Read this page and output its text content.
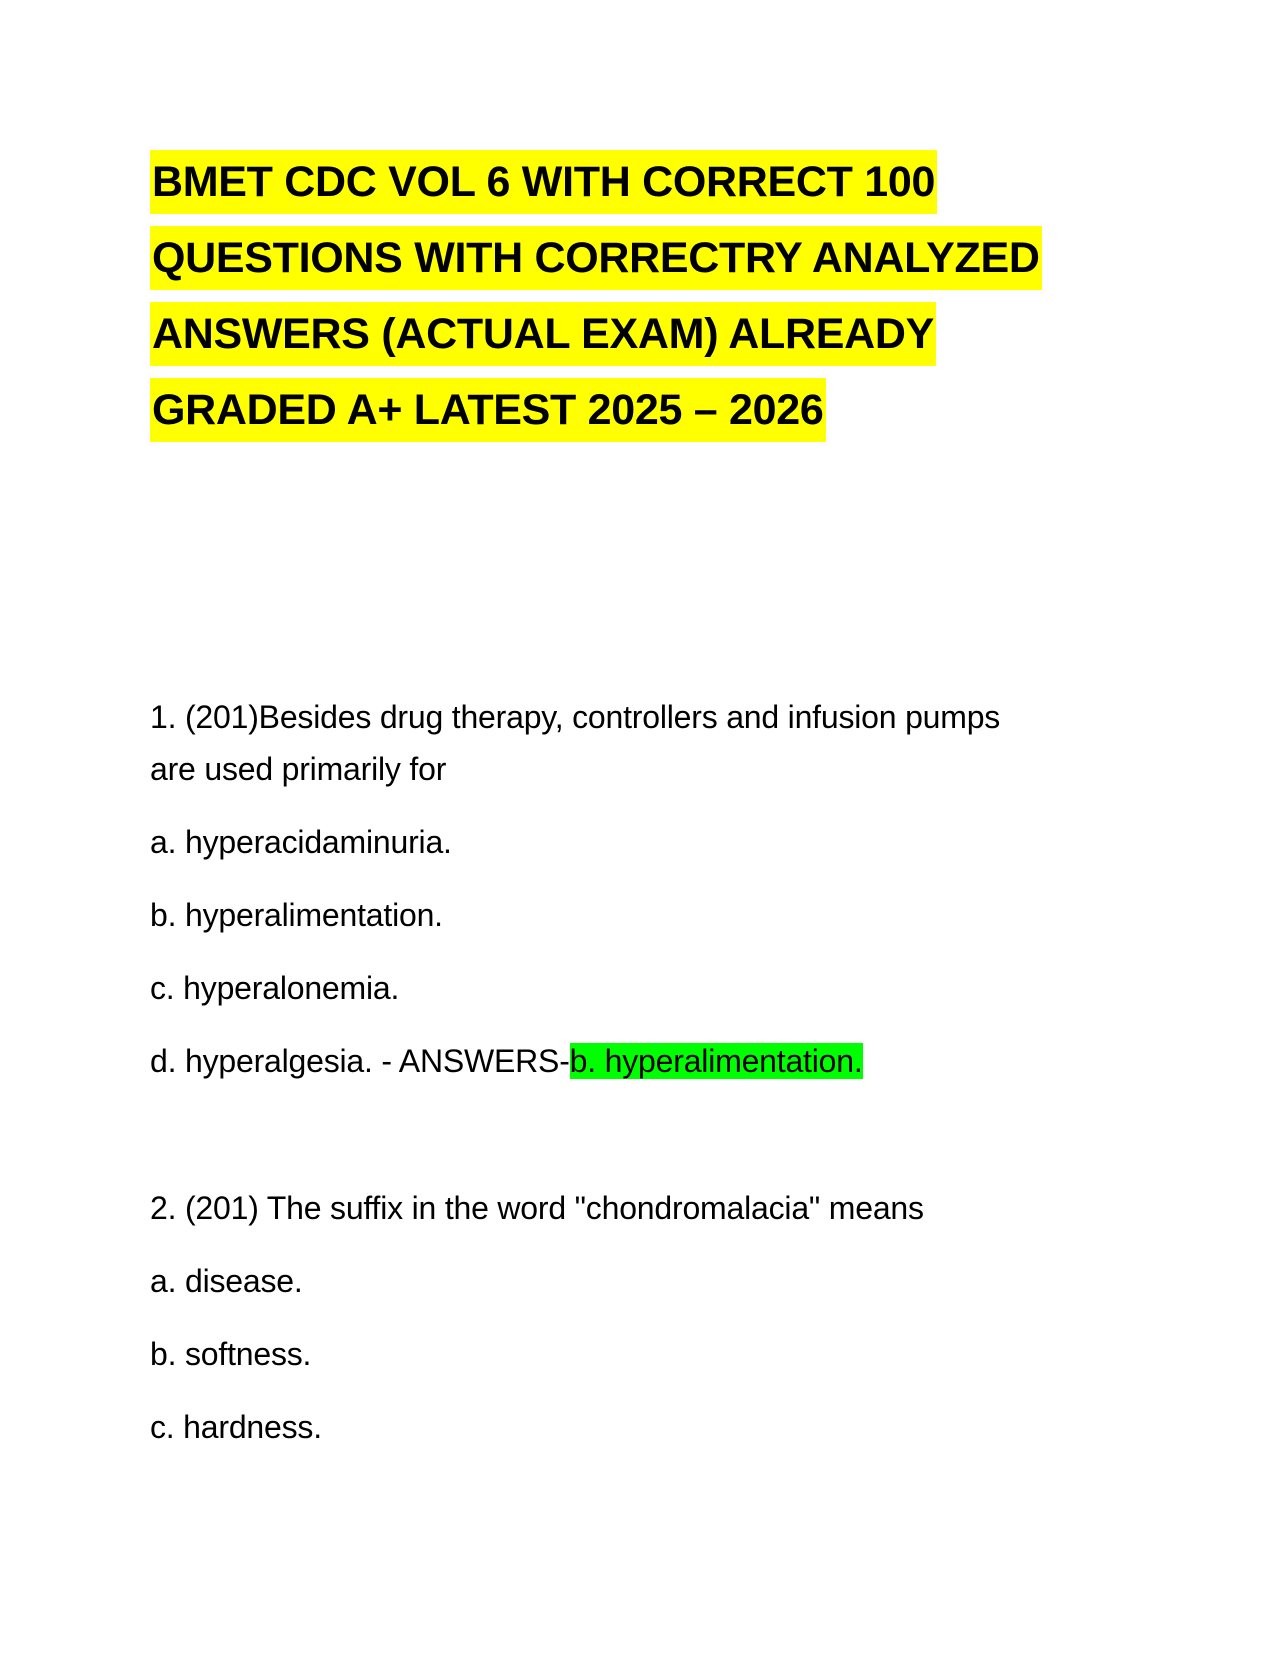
BMET CDC VOL 6 WITH CORRECT 100
QUESTIONS WITH CORRECTRY ANALYZED
ANSWERS (ACTUAL EXAM) ALREADY
GRADED A+ LATEST 2025 – 2026
1. (201)Besides drug therapy, controllers and infusion pumps
are used primarily for
a. hyperacidaminuria.
b. hyperalimentation.
c. hyperalonemia.
d. hyperalgesia. - ANSWERS-b. hyperalimentation.
2. (201) The suffix in the word "chondromalacia" means
a. disease.
b. softness.
c. hardness.
